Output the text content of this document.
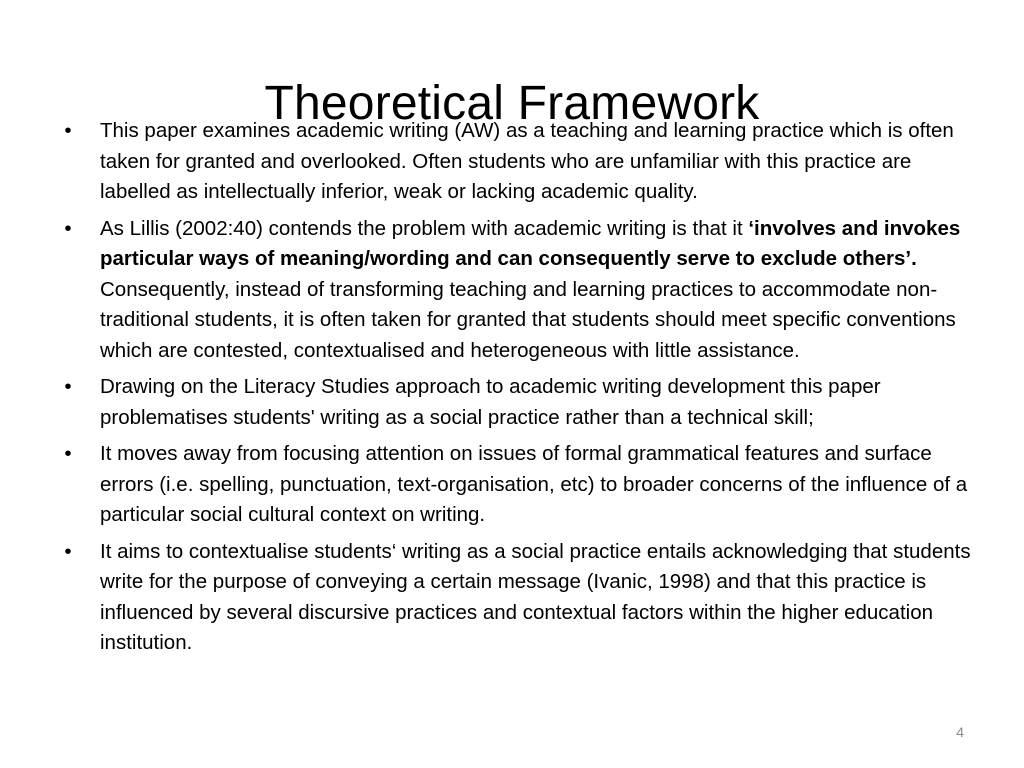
Theoretical Framework
• This paper examines academic writing (AW) as a teaching and learning practice which is often taken for granted and overlooked. Often students who are unfamiliar with this practice are labelled as intellectually inferior, weak or lacking academic quality.
• As Lillis (2002:40) contends the problem with academic writing is that it ‘involves and invokes particular ways of meaning/wording and can consequently serve to exclude others’. Consequently, instead of transforming teaching and learning practices to accommodate non-traditional students, it is often taken for granted that students should meet specific conventions which are contested, contextualised and heterogeneous with little assistance.
• Drawing on the Literacy Studies approach to academic writing development this paper problematises students' writing as a social practice rather than a technical skill;
• It moves away from focusing attention on issues of formal grammatical features and surface errors (i.e. spelling, punctuation, text-organisation, etc) to broader concerns of the influence of a particular social cultural context on writing.
• It aims to contextualise students‘ writing as a social practice entails acknowledging that students write for the purpose of conveying a certain message (Ivanic, 1998) and that this practice is influenced by several discursive practices and contextual factors within the higher education institution.
4
